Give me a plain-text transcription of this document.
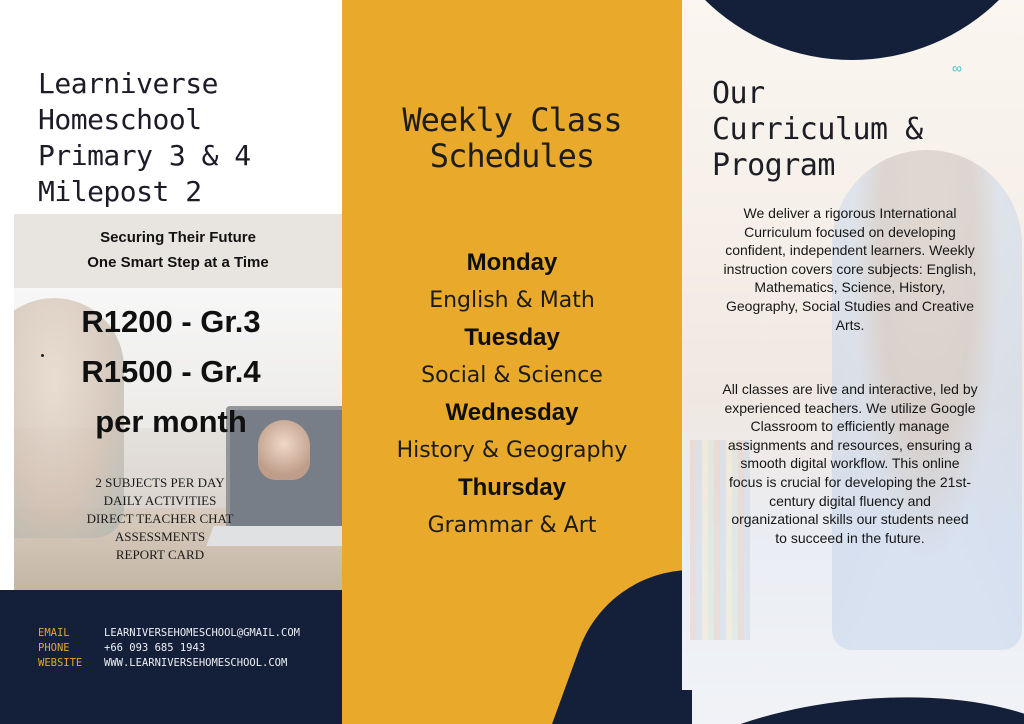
Learniverse
Homeschool
Primary 3 & 4
Milepost 2

Securing Their Future

One Smart Step at a Time

R1200 - Gr.3

R1500 - Gr.4

per month

2 SUBJECTS PER DAY
DAILY ACTIVITIES
DIRECT TEACHER CHAT
ASSESSMENTS
REPORT CARD
EMAIL	LEARNIVERSEHOMESCHOOL@GMAIL.COM
PHONE	+66 093 685 1943
WEBSITE	WWW.LEARNIVERSEHOMESCHOOL.COM
Weekly Class
Schedules
Monday
English & Math
Tuesday
Social & Science
Wednesday
History & Geography
Thursday
Grammar & Art
∞
Our
Curriculum &
Program

We deliver a rigorous International
Curriculum focused on developing
confident, independent learners. Weekly
instruction covers core subjects: English,
Mathematics, Science, History,
Geography, Social Studies and Creative
Arts.

All classes are live and interactive, led by
experienced teachers. We utilize Google
Classroom to efficiently manage
assignments and resources, ensuring a
smooth digital workflow. This online
focus is crucial for developing the 21st-
century digital fluency and
organizational skills our students need
to succeed in the future.
